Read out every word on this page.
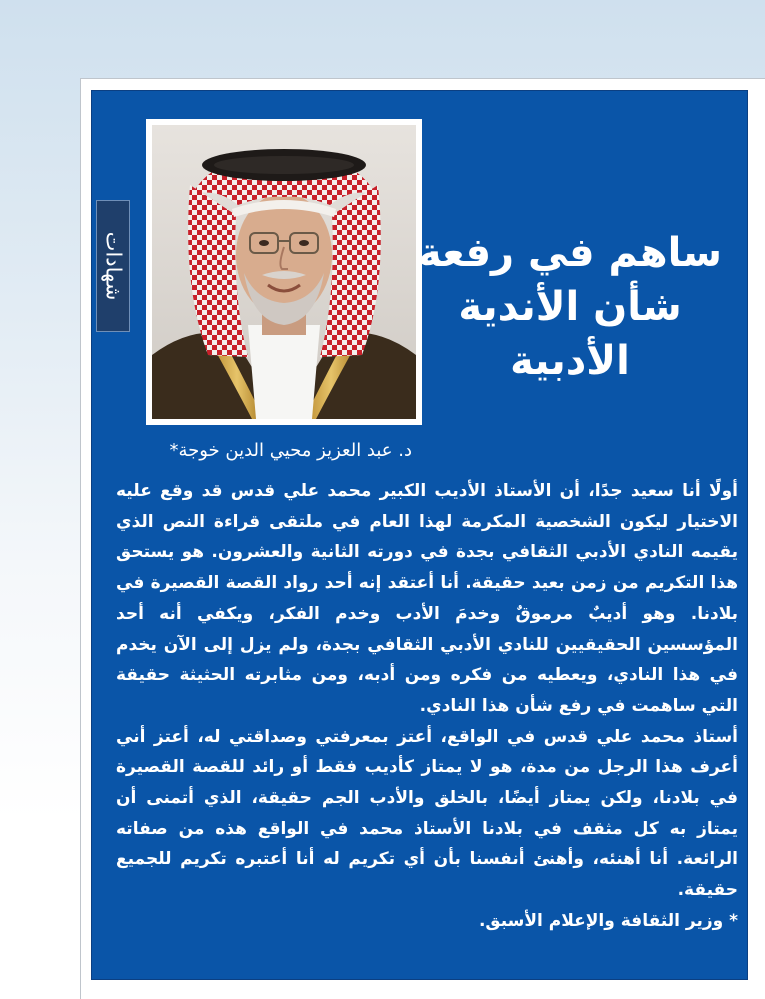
شهادات	ساهم في رفعة
شأن الأندية
الأدبية
د. عبد العزيز محيي الدين خوجة*

أولًا أنا سعيد جدًا، أن الأستاذ الأديب الكبير محمد علي قدس قد وقع عليه الاختيار ليكون الشخصية المكرمة لهذا العام في ملتقى قراءة النص الذي يقيمه النادي الأدبي الثقافي بجدة في دورته الثانية والعشرون. هو يستحق هذا التكريم من زمن بعيد حقيقة. أنا أعتقد إنه أحد رواد القصة القصيرة في بلادنا. وهو أديبٌ مرموقٌ وخدمَ الأدب وخدم الفكر، ويكفي أنه أحد المؤسسين الحقيقيين للنادي الأدبي الثقافي بجدة، ولم يزل إلى الآن يخدم في هذا النادي، ويعطيه من فكره ومن أدبه، ومن مثابرته الحثيثة حقيقة التي ساهمت في رفع شأن هذا النادي.

أستاذ محمد علي قدس في الواقع، أعتز بمعرفتي وصداقتي له، أعتز أني أعرف هذا الرجل من مدة، هو لا يمتاز كأديب فقط أو رائد للقصة القصيرة في بلادنا، ولكن يمتاز أيضًا، بالخلق والأدب الجم حقيقة، الذي أتمنى أن يمتاز به كل مثقف في بلادنا الأستاذ محمد في الواقع هذه من صفاته الرائعة. أنا أهنئه، وأهنئ أنفسنا بأن أي تكريم له أنا أعتبره تكريم للجميع حقيقة.

* وزير الثقافة والإعلام الأسبق.
